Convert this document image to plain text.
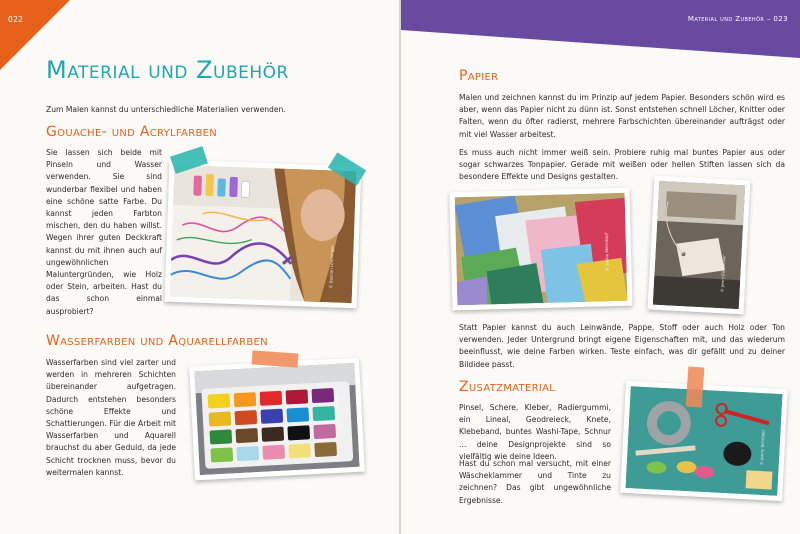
022
Material und Zubehör

Zum Malen kannst du unterschiedliche Materialien verwenden.

Gouache- und Acrylfarben

Sie lassen sich beide mit Pinseln und Wasser verwenden. Sie sind wunderbar flexibel und haben eine schöne satte Farbe. Du kannst jeden Farbton mischen, den du haben willst. Wegen ihrer guten Deckkraft kannst du mit ihnen auch auf ungewöhnlichen Maluntergründen, wie Holz oder Stein, arbeiten. Hast du das schon einmal ausprobiert?

© Bastian Lörchinger
Wasserfarben und Aquarellfarben

Wasserfarben sind viel zarter und werden in mehreren Schichten übereinander aufgetragen. Dadurch entstehen besonders schöne Effekte und Schattierungen. Für die Arbeit mit Wasserfarben und Aquarell brauchst du aber Geduld, da jede Schicht trocknen muss, bevor du weitermalen kannst.

© Jenny Schröder
Material und Zubehör – 023
Papier

Malen und zeichnen kannst du im Prinzip auf jedem Papier. Besonders schön wird es aber, wenn das Papier nicht zu dünn ist. Sonst entstehen schnell Löcher, Knitter oder Falten, wenn du öfter radierst, mehrere Farbschichten übereinander aufträgst oder mit viel Wasser arbeitest.

Es muss auch nicht immer weiß sein. Probiere ruhig mal buntes Papier aus oder sogar schwarzes Tonpapier. Gerade mit weißen oder hellen Stiften lassen sich da besondere Effekte und Designs gestalten.

© Sasha Weisskopf
© Jenni Büsbecker

Statt Papier kannst du auch Leinwände, Pappe, Stoff oder auch Holz oder Ton verwenden. Jeder Untergrund bringt eigene Eigenschaften mit, und das wiederum beeinflusst, wie deine Farben wirken. Teste einfach, was dir gefällt und zu deiner Bildidee passt.

Zusatzmaterial

Pinsel, Schere, Kleber, Radiergummi, ein Lineal, Geodreieck, Knete, Klebeband, buntes Washi-Tape, Schnur ... deine Designprojekte sind so vielfältig wie deine Ideen.

Hast du schon mal versucht, mit einer Wäscheklammer und Tinte zu zeichnen? Das gibt ungewöhnliche Ergebnisse.

© Jenny Schröder
